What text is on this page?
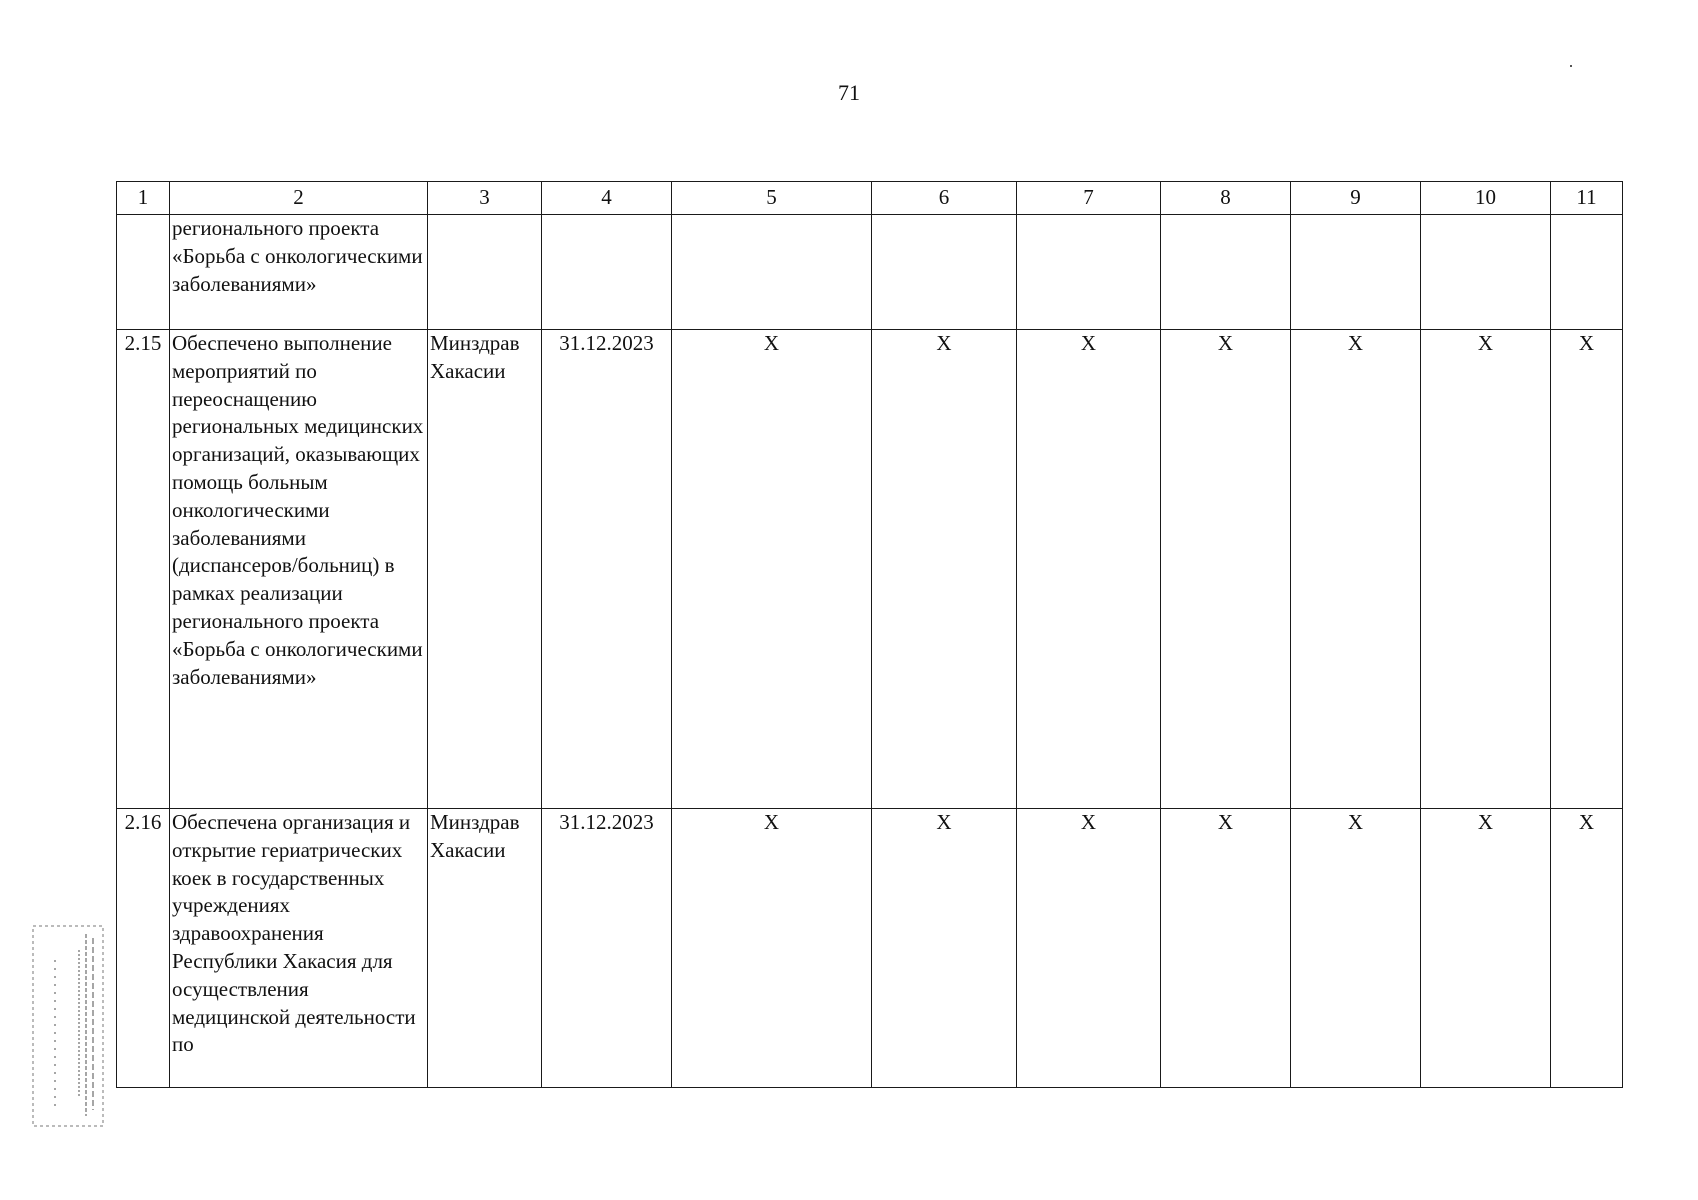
71
1	2	3	4	5	6	7	8	9	10	11
	регионального проекта «Борьба с онкологическими заболеваниями»									
2.15	Обеспечено выполнение мероприятий по переоснащению региональных медицинских организаций, оказывающих помощь больным онкологическими заболеваниями (диспансеров/больниц) в рамках реализации регионального проекта «Борьба с онкологическими заболеваниями»	Минздрав Хакасии	31.12.2023	X	X	X	X	X	X	X
2.16	Обеспечена организация и открытие гериатрических коек в государственных учреждениях здравоохранения Республики Хакасия для осуществления медицинской деятельности по	Минздрав Хакасии	31.12.2023	X	X	X	X	X	X	X
